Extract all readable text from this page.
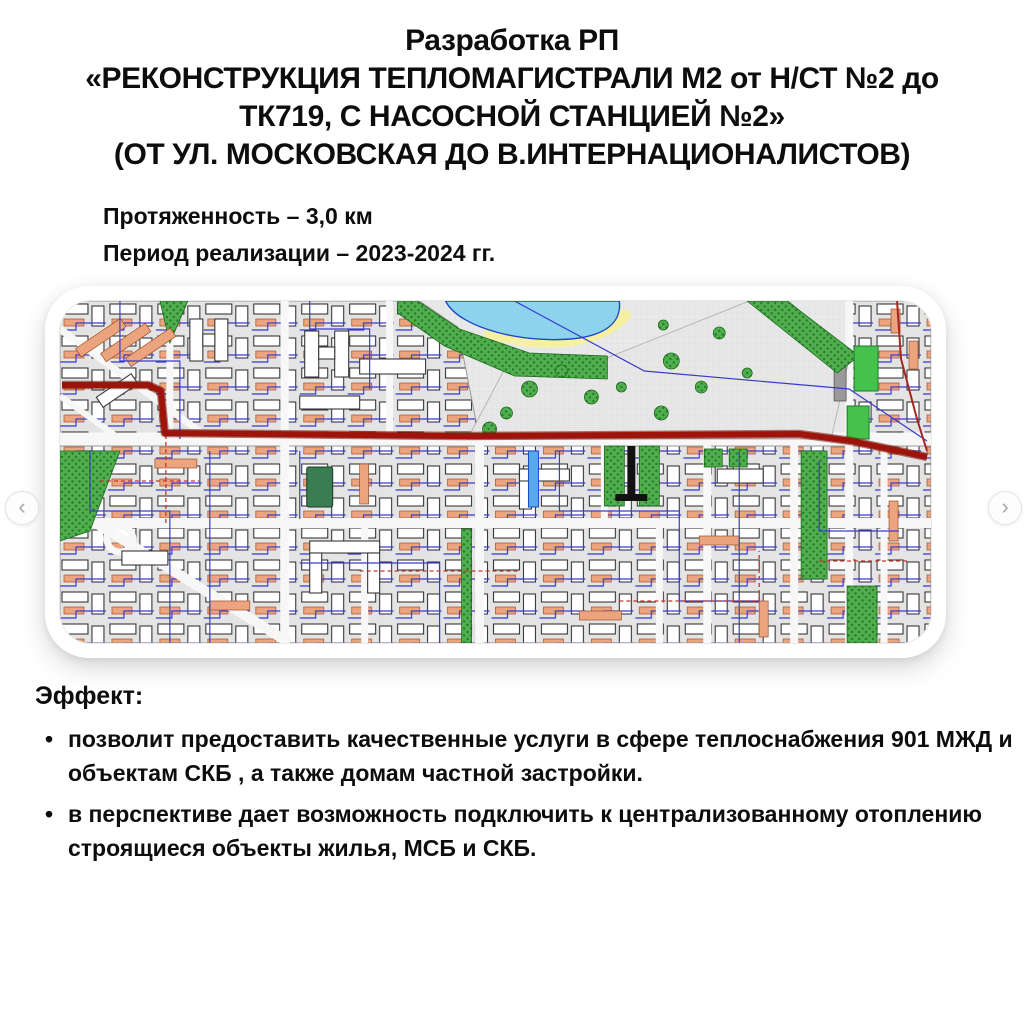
Разработка РП
«РЕКОНСТРУКЦИЯ ТЕПЛОМАГИСТРАЛИ М2 от Н/СТ №2 до ТК719, С НАСОСНОЙ СТАНЦИЕЙ №2»
(ОТ УЛ. МОСКОВСКАЯ ДО В.ИНТЕРНАЦИОНАЛИСТОВ)
Протяженность – 3,0 км
Период реализации – 2023-2024 гг.
‹	›
Эффект:
• позволит предоставить качественные услуги в сфере теплоснабжения 901 МЖД и объектам СКБ , а также домам частной застройки.
• в перспективе дает возможность подключить к централизованному отоплению строящиеся объекты жилья, МСБ и СКБ.
